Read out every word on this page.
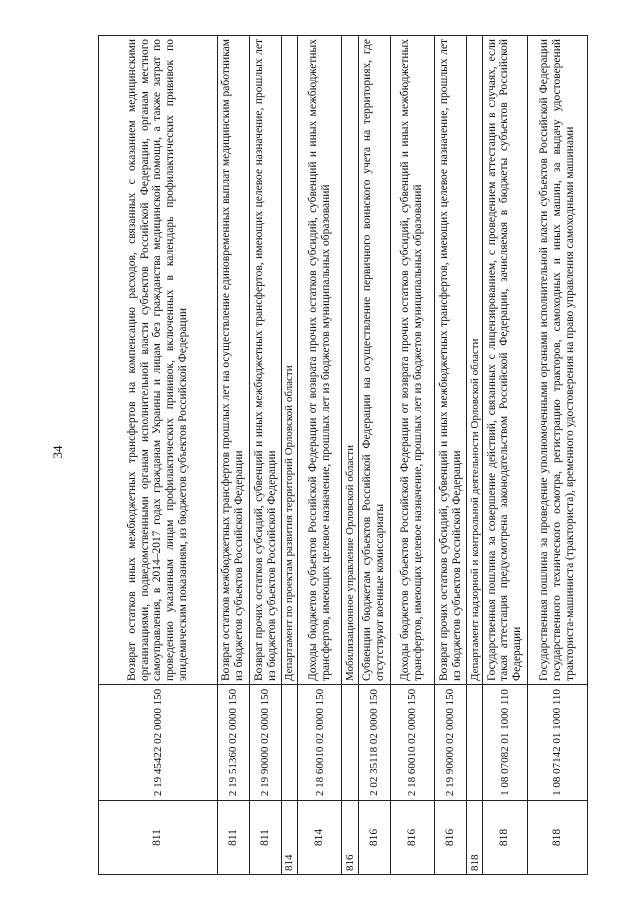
34
811	2 19 45422 02 0000 150	Возврат остатков иных межбюджетных трансфертов на компенсацию расходов, связанных с оказанием медицинскими организациями, подведомственными органам исполнительной власти субъектов Российской Федерации, органам местного самоуправления, в 2014–2017 годах гражданам Украины и лицам без гражданства медицинской помощи, а также затрат по проведению указанным лицам профилактических прививок, включенных в календарь профилактических прививок по эпидемическим показаниям, из бюджетов субъектов Российской Федерации
811	2 19 51360 02 0000 150	Возврат остатков межбюджетных трансфертов прошлых лет на осуществление единовременных выплат медицинским работникам из бюджетов субъектов Российской Федерации
811	2 19 90000 02 0000 150	Возврат прочих остатков субсидий, субвенций и иных межбюджетных трансфертов, имеющих целевое назначение, прошлых лет из бюджетов субъектов Российской Федерации
814		Департамент по проектам развития территорий Орловской области
814	2 18 60010 02 0000 150	Доходы бюджетов субъектов Российской Федерации от возврата прочих остатков субсидий, субвенций и иных межбюджетных трансфертов, имеющих целевое назначение, прошлых лет из бюджетов муниципальных образований
816		Мобилизационное управление Орловской области
816	2 02 35118 02 0000 150	Субвенции бюджетам субъектов Российской Федерации на осуществление первичного воинского учета на территориях, где отсутствуют военные комиссариаты
816	2 18 60010 02 0000 150	Доходы бюджетов субъектов Российской Федерации от возврата прочих остатков субсидий, субвенций и иных межбюджетных трансфертов, имеющих целевое назначение, прошлых лет из бюджетов муниципальных образований
816	2 19 90000 02 0000 150	Возврат прочих остатков субсидий, субвенций и иных межбюджетных трансфертов, имеющих целевое назначение, прошлых лет из бюджетов субъектов Российской Федерации
818		Департамент надзорной и контрольной деятельности Орловской области
818	1 08 07082 01 1000 110	Государственная пошлина за совершение действий, связанных с лицензированием, с проведением аттестации в случаях, если такая аттестация предусмотрена законодательством Российской Федерации, зачисляемая в бюджеты субъектов Российской Федерации
818	1 08 07142 01 1000 110	Государственная пошлина за проведение уполномоченными органами исполнительной власти субъектов Российской Федерации государственного технического осмотра, регистрацию тракторов, самоходных и иных машин, за выдачу удостоверений тракториста-машиниста (тракториста), временного удостоверения на право управления самоходными машинами
